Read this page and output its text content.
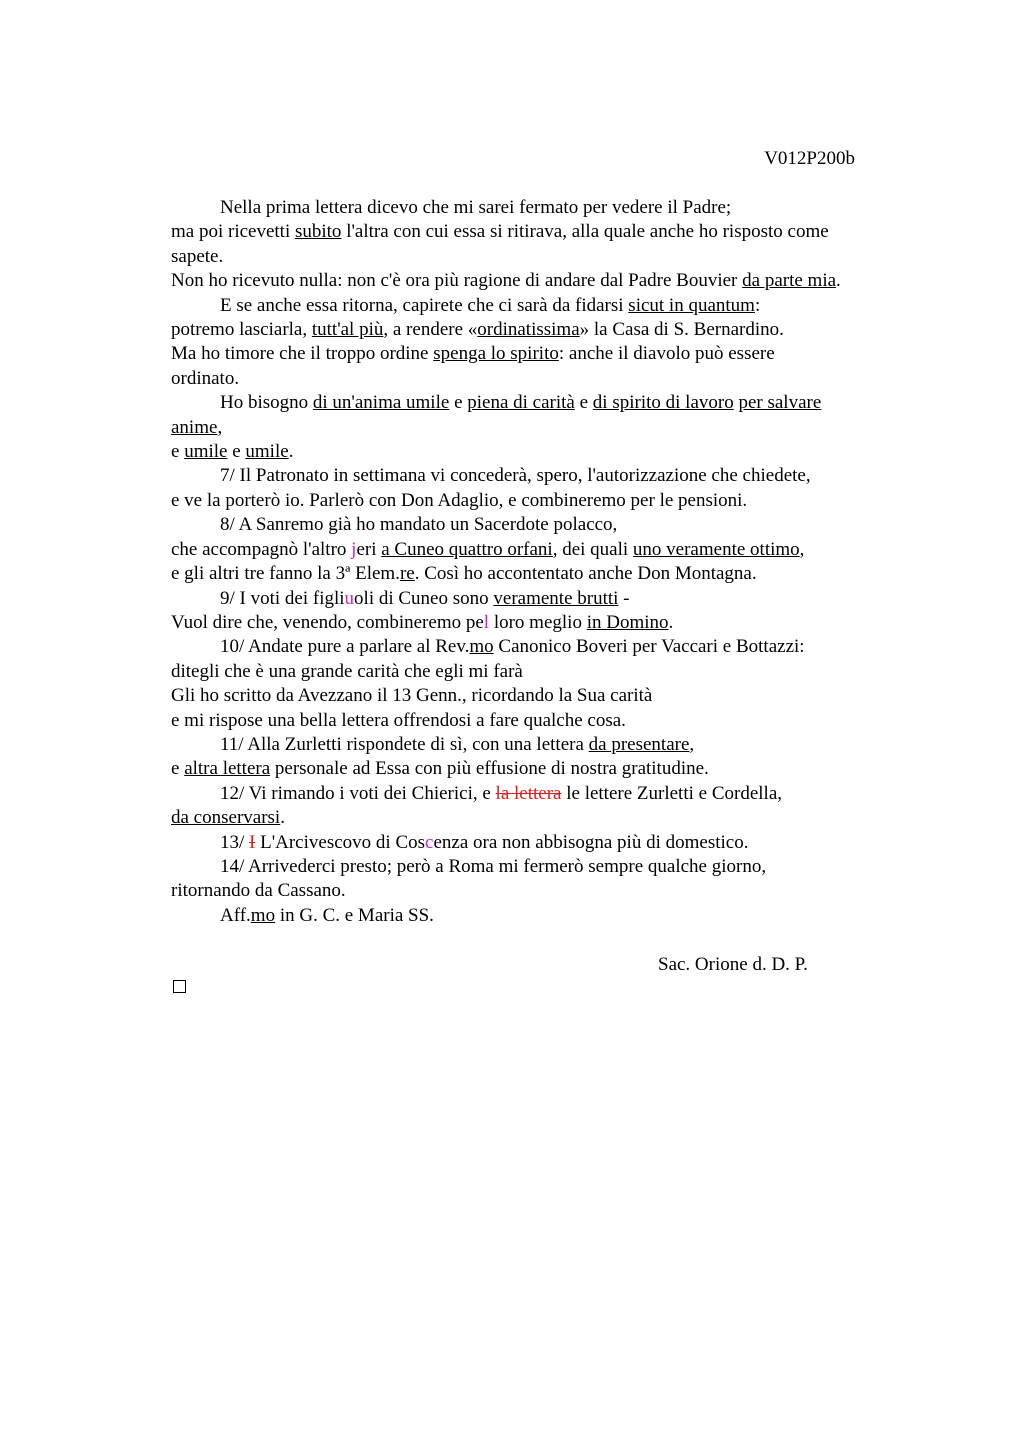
V012P200b
Nella prima lettera dicevo che mi sarei fermato per vedere il Padre;
ma poi ricevetti subito l'altra con cui essa si ritirava, alla quale anche ho risposto come
sapete.
Non ho ricevuto nulla: non c'è ora più ragione di andare dal Padre Bouvier da parte mia.
E se anche essa ritorna, capirete che ci sarà da fidarsi sicut in quantum:
potremo lasciarla, tutt'al più, a rendere «ordinatissima» la Casa di S. Bernardino.
Ma ho timore che il troppo ordine spenga lo spirito: anche il diavolo può essere
ordinato.
Ho bisogno di un'anima umile e piena di carità e di spirito di lavoro per salvare
anime,
e umile e umile.
7/ Il Patronato in settimana vi concederà, spero, l'autorizzazione che chiedete,
e ve la porterò io. Parlerò con Don Adaglio, e combineremo per le pensioni.
8/ A Sanremo già ho mandato un Sacerdote polacco,
che accompagnò l'altro jeri a Cuneo quattro orfani, dei quali uno veramente ottimo,
e gli altri tre fanno la 3ª Elem.re. Così ho accontentato anche Don Montagna.
9/ I voti dei figliuoli di Cuneo sono veramente brutti -
Vuol dire che, venendo, combineremo pel loro meglio in Domino.
10/ Andate pure a parlare al Rev.mo Canonico Boveri per Vaccari e Bottazzi:
ditegli che è una grande carità che egli mi farà
Gli ho scritto da Avezzano il 13 Genn., ricordando la Sua carità
e mi rispose una bella lettera offrendosi a fare qualche cosa.
11/ Alla Zurletti rispondete di sì, con una lettera da presentare,
e altra lettera personale ad Essa con più effusione di nostra gratitudine.
12/ Vi rimando i voti dei Chierici, e la lettera le lettere Zurletti e Cordella,
da conservarsi.
13/ I L'Arcivescovo di Coscenza ora non abbisogna più di domestico.
14/ Arrivederci presto; però a Roma mi fermerò sempre qualche giorno,
ritornando da Cassano.
Aff.mo in G. C. e Maria SS.
Sac. Orione d. D. P.
